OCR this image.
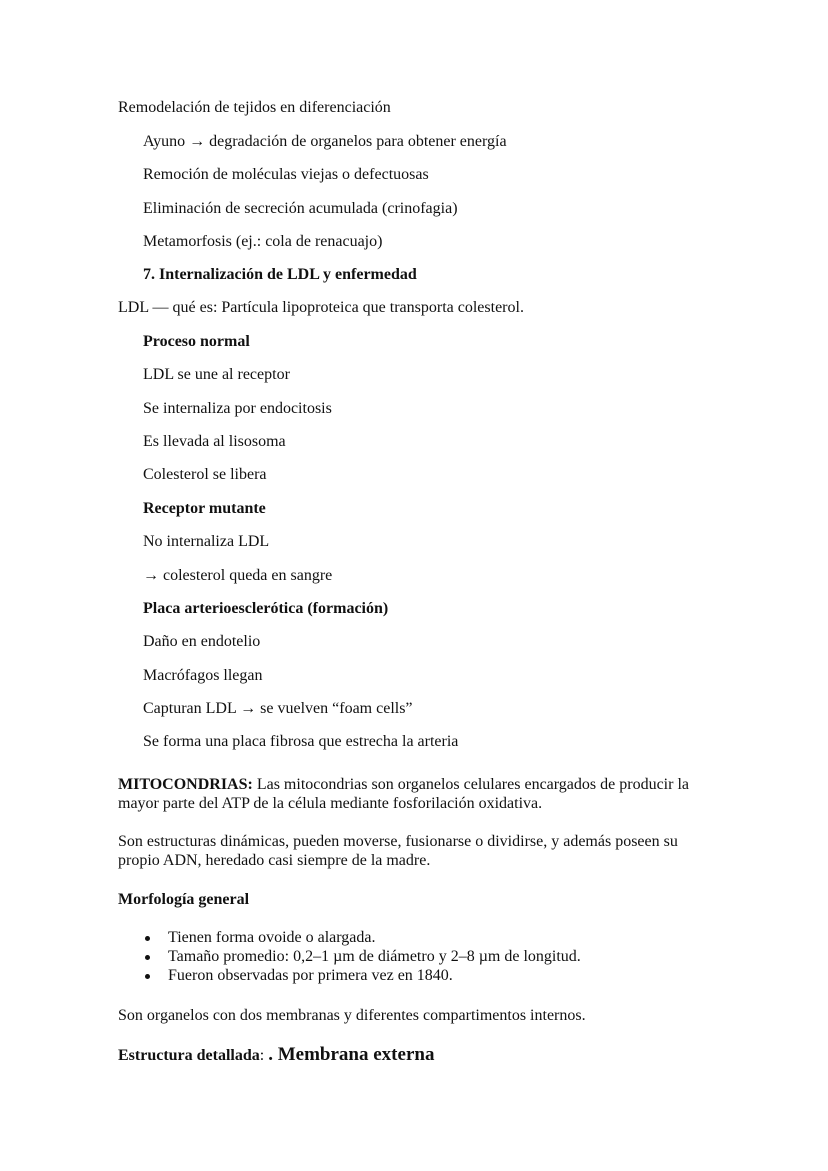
Remodelación de tejidos en diferenciación
Ayuno → degradación de organelos para obtener energía
Remoción de moléculas viejas o defectuosas
Eliminación de secreción acumulada (crinofagia)
Metamorfosis (ej.: cola de renacuajo)
7. Internalización de LDL y enfermedad
LDL — qué es: Partícula lipoproteica que transporta colesterol.
Proceso normal
LDL se une al receptor
Se internaliza por endocitosis
Es llevada al lisosoma
Colesterol se libera
Receptor mutante
No internaliza LDL
→ colesterol queda en sangre
Placa arterioesclerótica (formación)
Daño en endotelio
Macrófagos llegan
Capturan LDL → se vuelven “foam cells”
Se forma una placa fibrosa que estrecha la arteria

MITOCONDRIAS: Las mitocondrias son organelos celulares encargados de producir la mayor parte del ATP de la célula mediante fosforilación oxidativa.

Son estructuras dinámicas, pueden moverse, fusionarse o dividirse, y además poseen su propio ADN, heredado casi siempre de la madre.

Morfología general
Tienen forma ovoide o alargada.
Tamaño promedio: 0,2–1 µm de diámetro y 2–8 µm de longitud.
Fueron observadas por primera vez en 1840.
Son organelos con dos membranas y diferentes compartimentos internos.
Estructura detallada: . Membrana externa
